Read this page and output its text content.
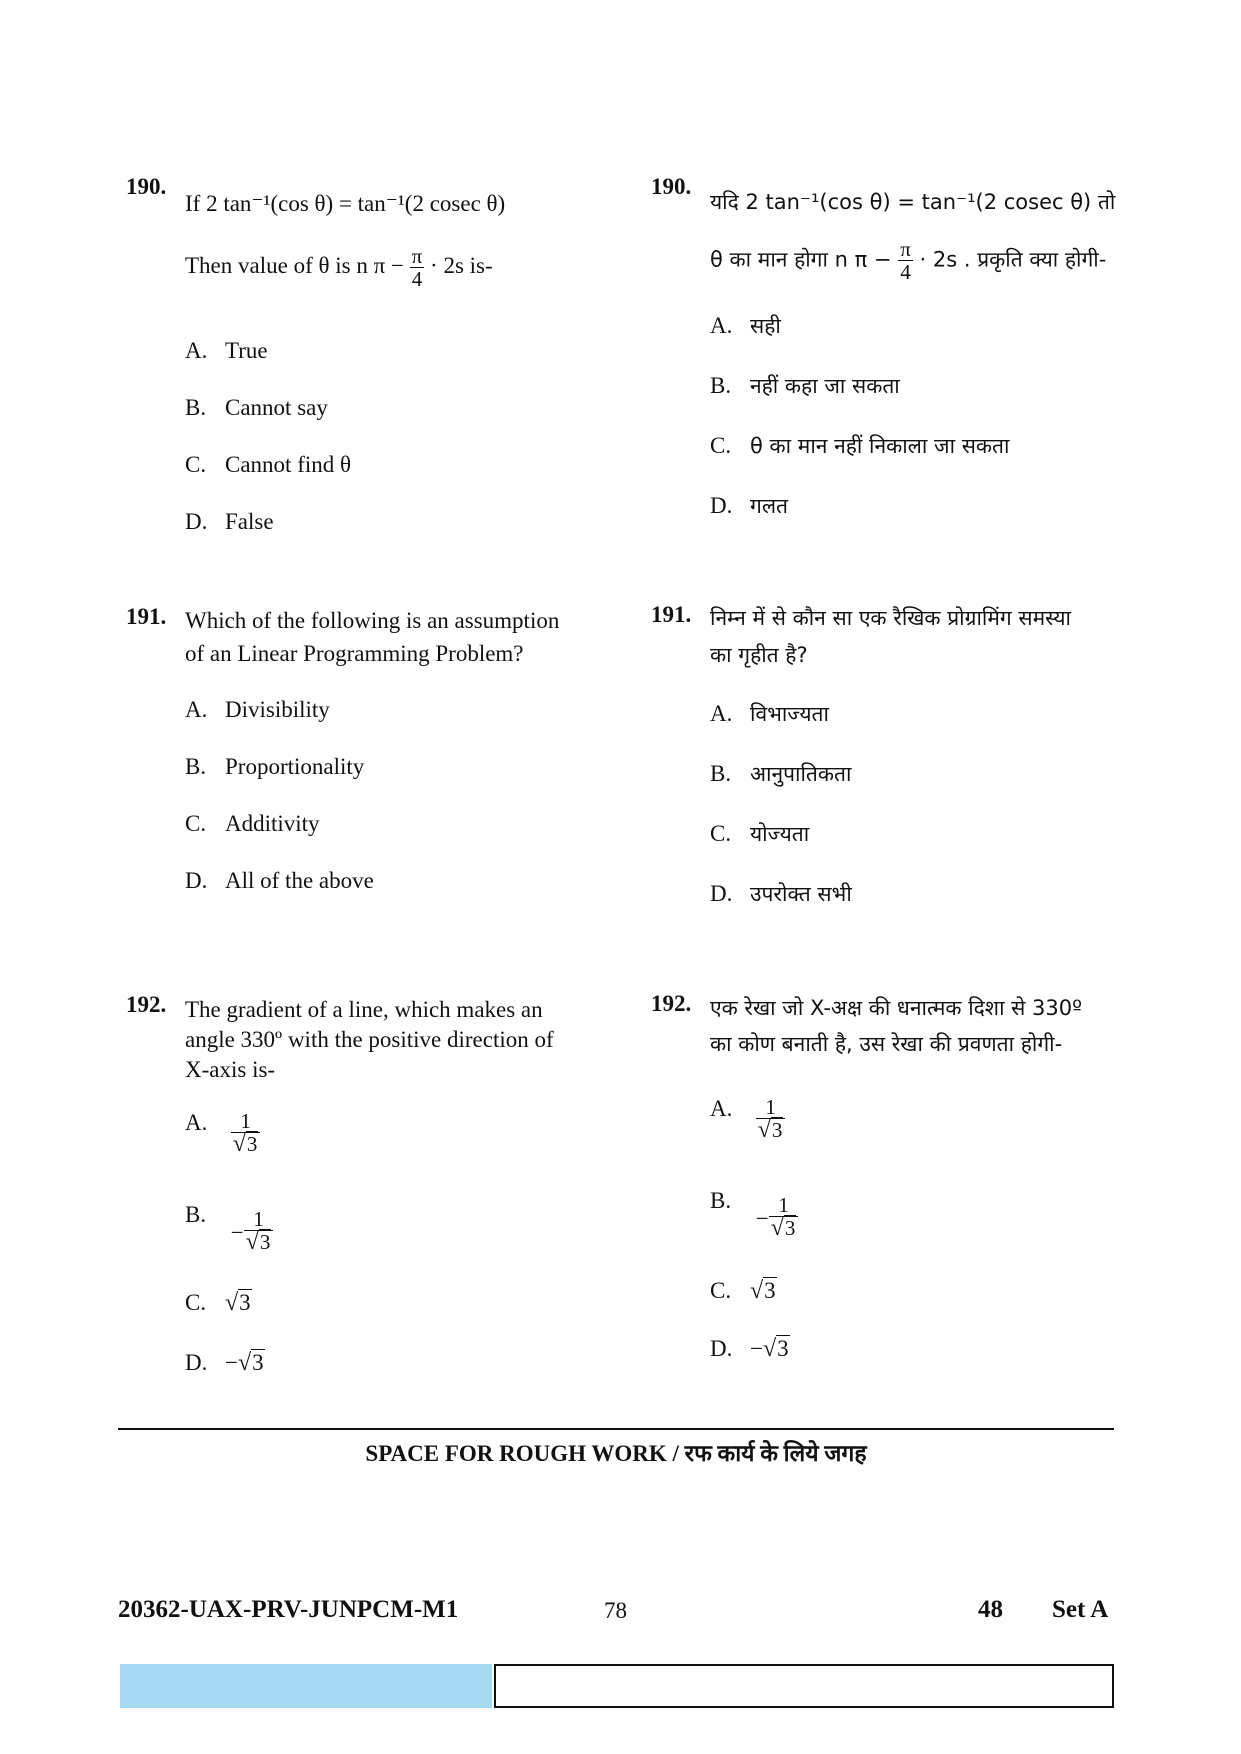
190.
If 2 tan⁻¹(cos θ) = tan⁻¹(2 cosec θ)
Then value of θ is n $\pi - \frac{\pi}{4} \cdot 2s$ is-
A. True
B. Cannot say
C. Cannot find θ
D. False
191. Which of the following is an assumption
of an Linear Programming Problem?
A. Divisibility
B. Proportionality
C. Additivity
D. All of the above
192. The gradient of a line, which makes an
angle 330º with the positive direction of
X-axis is-
A. $\frac{1}{√3}$
B. − $\frac{1}{√3}$
C. √3
D. −√3
190.
यदि 2 tan⁻¹(cos θ) = tan⁻¹(2 cosec θ) तो
θ का मान होगा n $\pi - \frac{\pi}{4} \cdot 2s$ . प्रकृति क्या होगी-
A. सही
B. नहीं कहा जा सकता
C. θ का मान नहीं निकाला जा सकता
D. गलत
191. निम्न में से कौन सा एक रैखिक प्रोग्रामिंग समस्या
का गृहीत है?
A. विभाज्यता
B. आनुपातिकता
C. योज्यता
D. उपरोक्त सभी
192. एक रेखा जो X-अक्ष की धनात्मक दिशा से 330º
का कोण बनाती है, उस रेखा की प्रवणता होगी-
A. $\frac{1}{√3}$
B. − $\frac{1}{√3}$
C. √3
D. −√3
SPACE FOR ROUGH WORK / रफ कार्य के लिये जगह
20362-UAX-PRV-JUNPCM-M1	78	48 Set A
